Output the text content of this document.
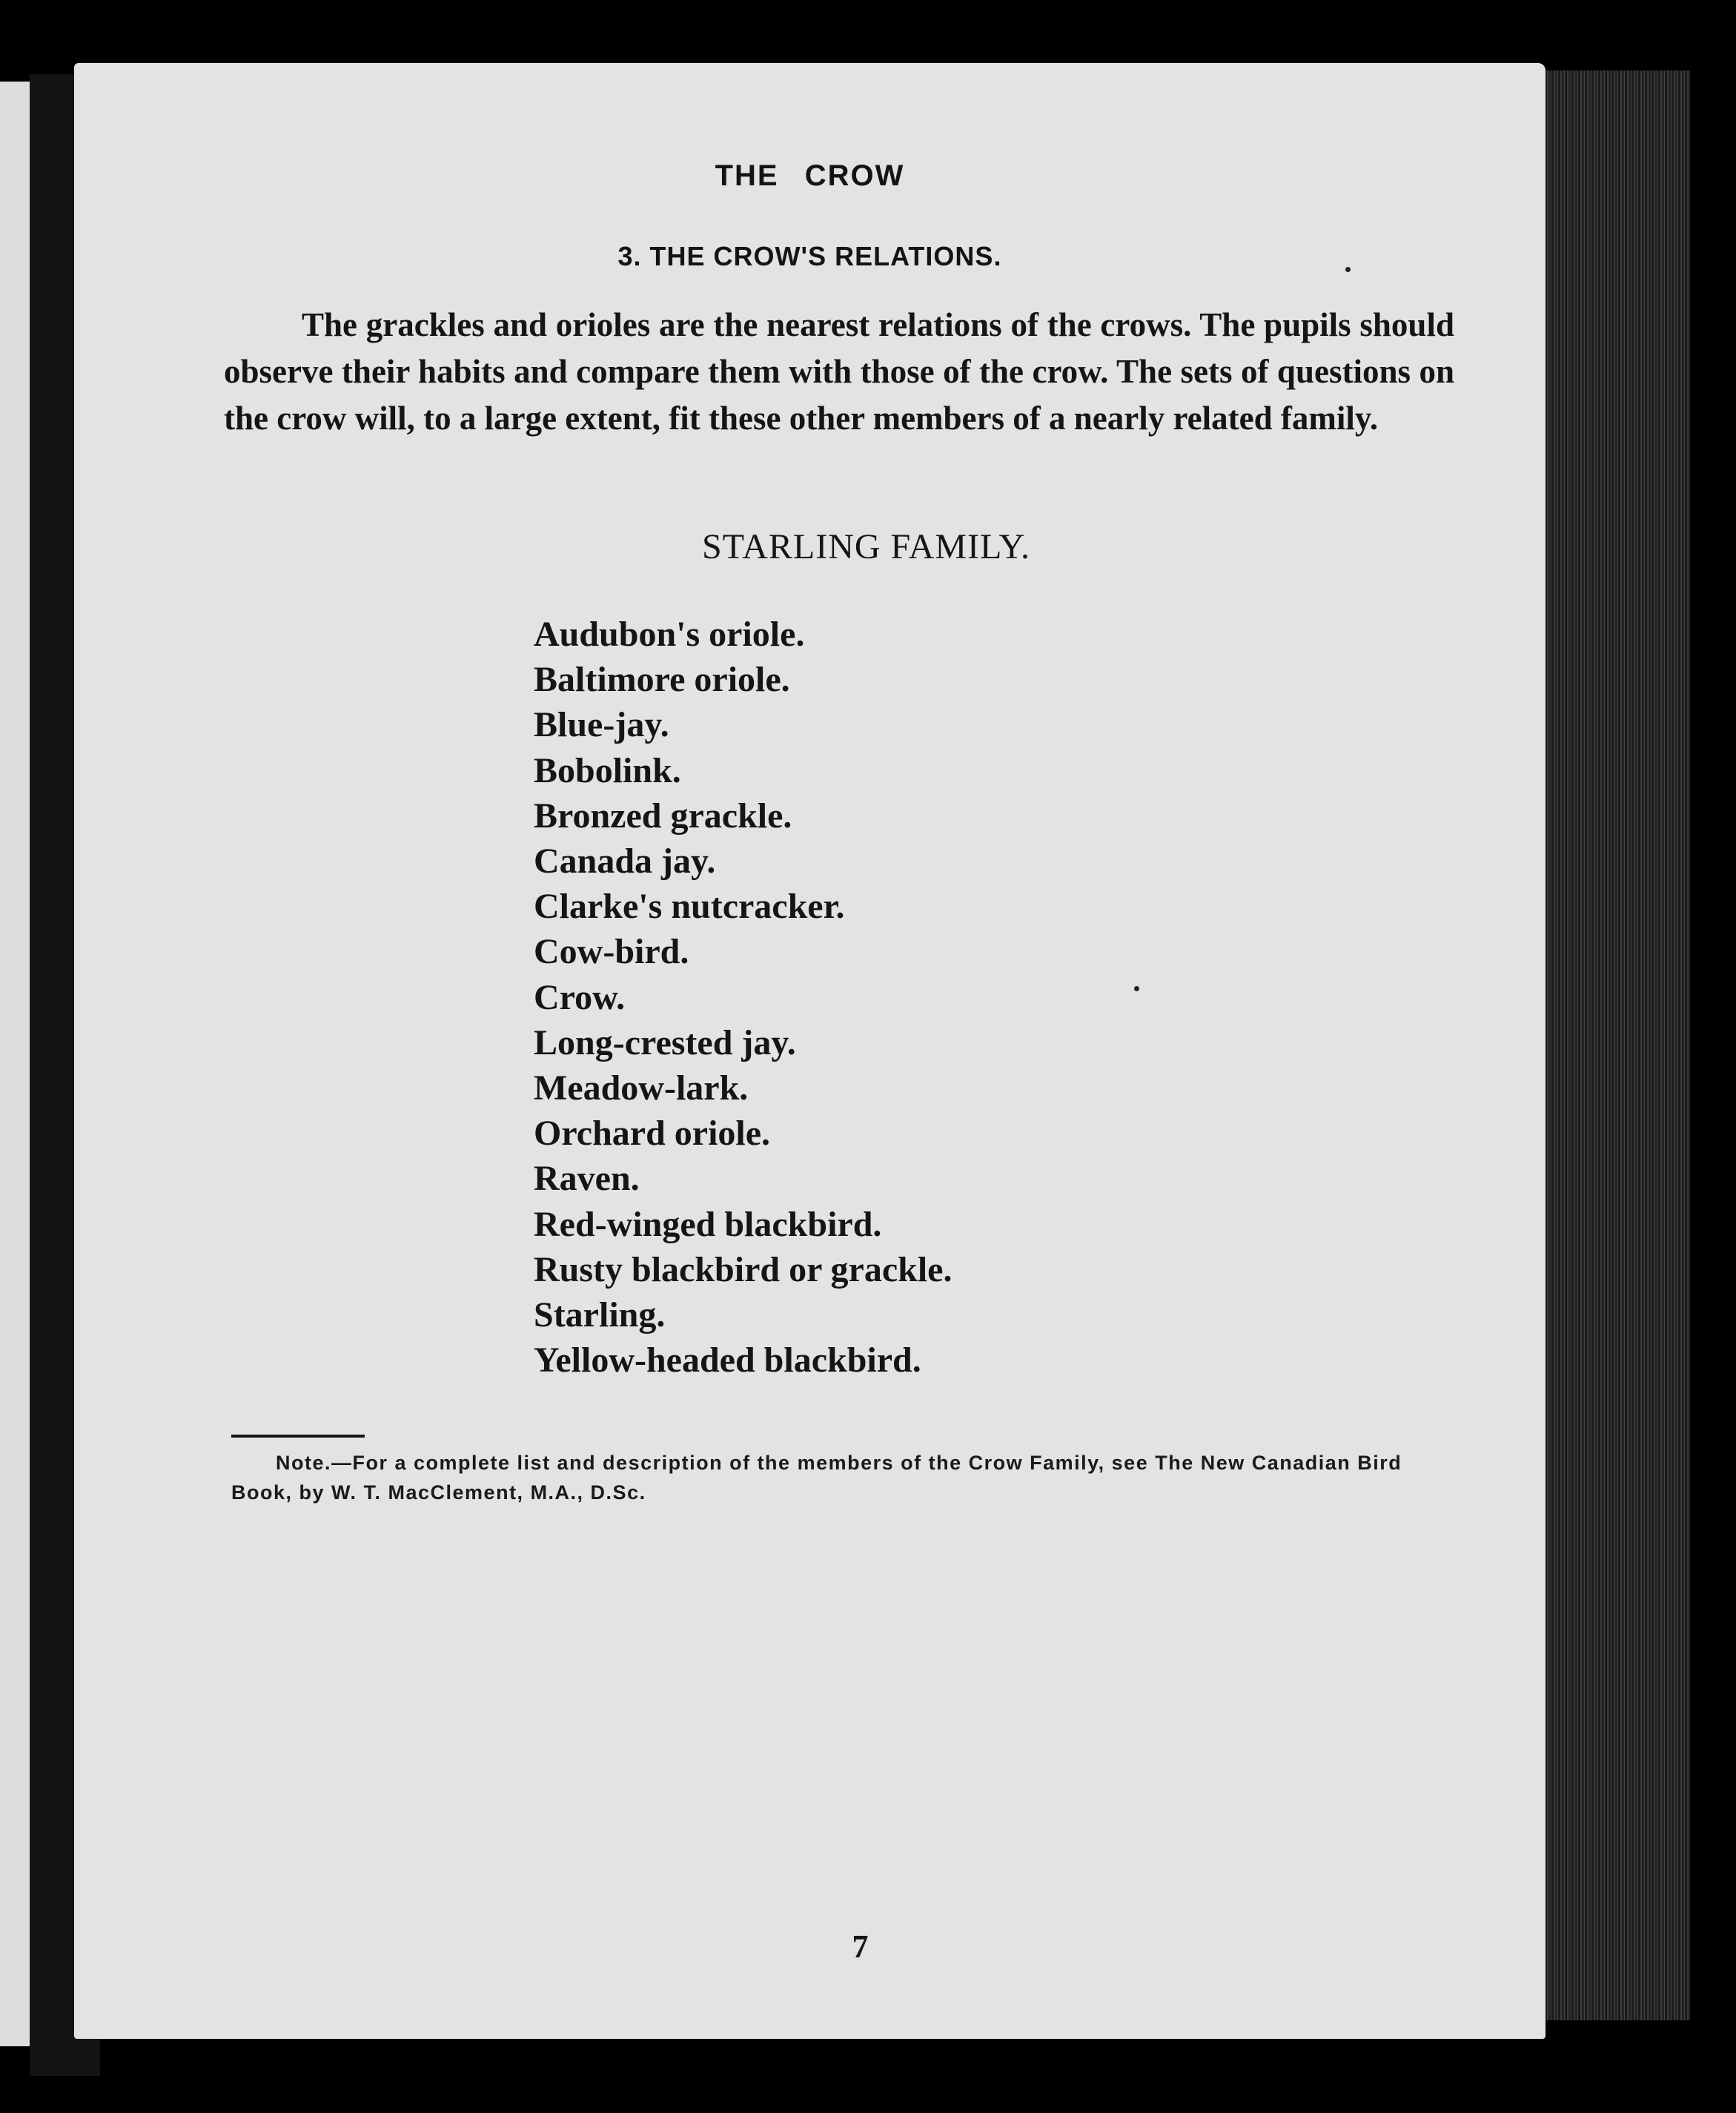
THE CROW
3. THE CROW'S RELATIONS.
The grackles and orioles are the nearest relations of the crows. The pupils should observe their habits and compare them with those of the crow. The sets of questions on the crow will, to a large extent, fit these other members of a nearly related family.
STARLING FAMILY.
Audubon's oriole.
Baltimore oriole.
Blue-jay.
Bobolink.
Bronzed grackle.
Canada jay.
Clarke's nutcracker.
Cow-bird.
Crow.
Long-crested jay.
Meadow-lark.
Orchard oriole.
Raven.
Red-winged blackbird.
Rusty blackbird or grackle.
Starling.
Yellow-headed blackbird.
Note.—For a complete list and description of the members of the Crow Family, see The New Canadian Bird Book, by W. T. MacClement, M.A., D.Sc.
7
